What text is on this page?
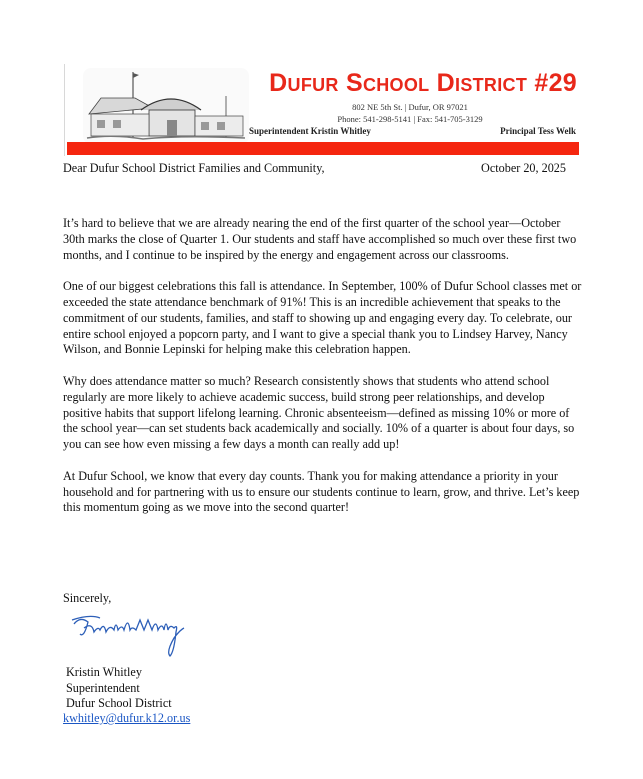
Dufur School District #29
802 NE 5th St. | Dufur, OR 97021
Phone: 541-298-5141 | Fax: 541-705-3129
Superintendent Kristin Whitley	Principal Tess Welk
Dear Dufur School District Families and Community,	October 20, 2025

It’s hard to believe that we are already nearing the end of the first quarter of the school year—October 30th marks the close of Quarter 1. Our students and staff have accomplished so much over these first two months, and I continue to be inspired by the energy and engagement across our classrooms.

One of our biggest celebrations this fall is attendance. In September, 100% of Dufur School classes met or exceeded the state attendance benchmark of 91%! This is an incredible achievement that speaks to the commitment of our students, families, and staff to showing up and engaging every day. To celebrate, our entire school enjoyed a popcorn party, and I want to give a special thank you to Lindsey Harvey, Nancy Wilson, and Bonnie Lepinski for helping make this celebration happen.

Why does attendance matter so much? Research consistently shows that students who attend school regularly are more likely to achieve academic success, build strong peer relationships, and develop positive habits that support lifelong learning. Chronic absenteeism—defined as missing 10% or more of the school year—can set students back academically and socially. 10% of a quarter is about four days, so you can see how even missing a few days a month can really add up!

At Dufur School, we know that every day counts. Thank you for making attendance a priority in your household and for partnering with us to ensure our students continue to learn, grow, and thrive. Let’s keep this momentum going as we move into the second quarter!

Sincerely,
Kristin Whitley
Superintendent
Dufur School District
kwhitley@dufur.k12.or.us
